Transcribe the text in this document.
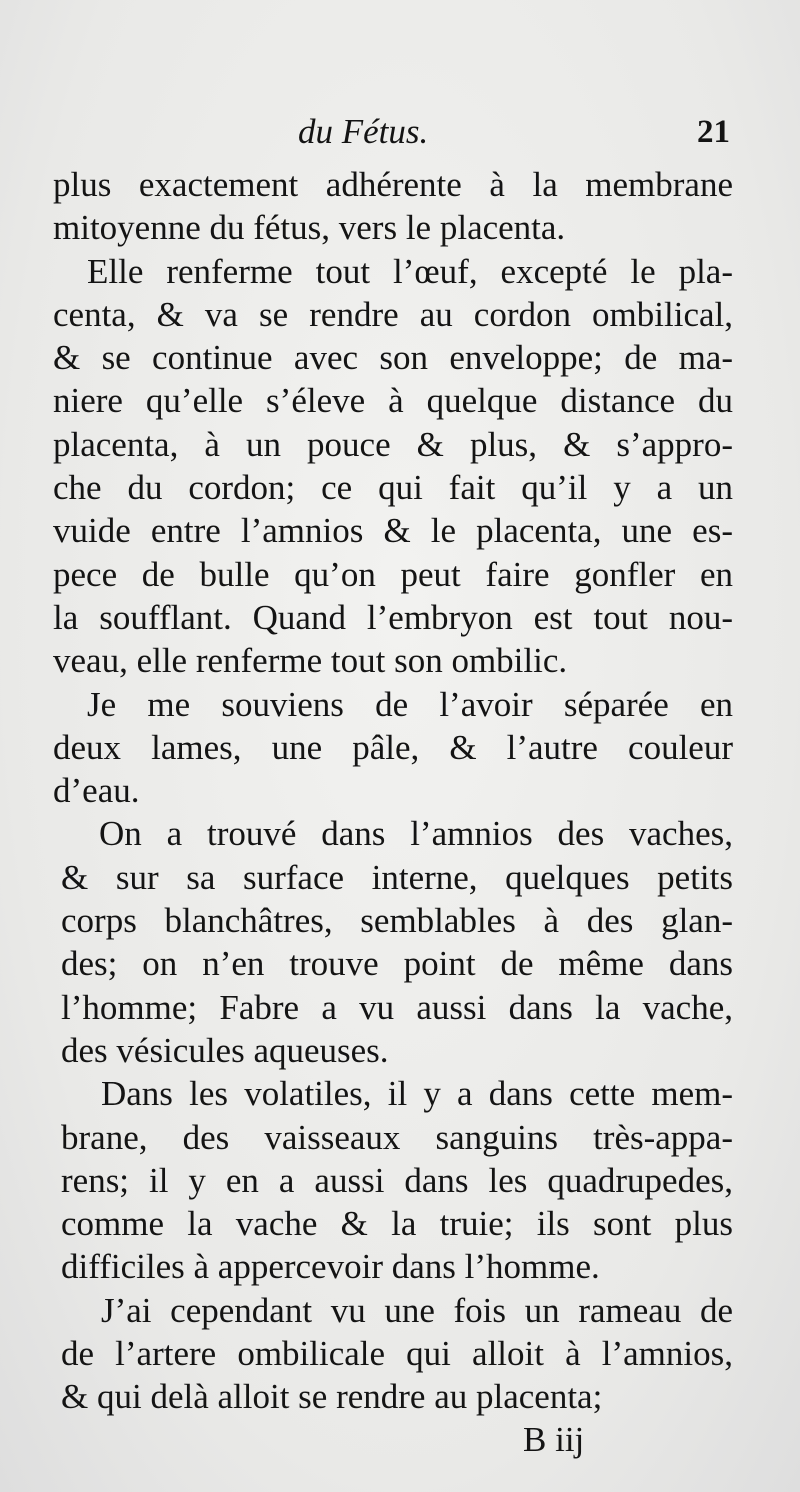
du Fétus.	21
plus exactement adhérente à la membrane
mitoyenne du fétus, vers le placenta.
Elle renferme tout l’œuf, excepté le pla-
centa, & va se rendre au cordon ombilical,
& se continue avec son enveloppe; de ma-
niere qu’elle s’éleve à quelque distance du
placenta, à un pouce & plus, & s’appro-
che du cordon; ce qui fait qu’il y a un
vuide entre l’amnios & le placenta, une es-
pece de bulle qu’on peut faire gonfler en
la soufflant. Quand l’embryon est tout nou-
veau, elle renferme tout son ombilic.
Je me souviens de l’avoir séparée en
deux lames, une pâle, & l’autre couleur
d’eau.
On a trouvé dans l’amnios des vaches,
& sur sa surface interne, quelques petits
corps blanchâtres, semblables à des glan-
des; on n’en trouve point de même dans
l’homme; Fabre a vu aussi dans la vache,
des vésicules aqueuses.
Dans les volatiles, il y a dans cette mem-
brane, des vaisseaux sanguins très-appa-
rens; il y en a aussi dans les quadrupedes,
comme la vache & la truie; ils sont plus
difficiles à appercevoir dans l’homme.
J’ai cependant vu une fois un rameau de
de l’artere ombilicale qui alloit à l’amnios,
& qui delà alloit se rendre au placenta;
B iij
